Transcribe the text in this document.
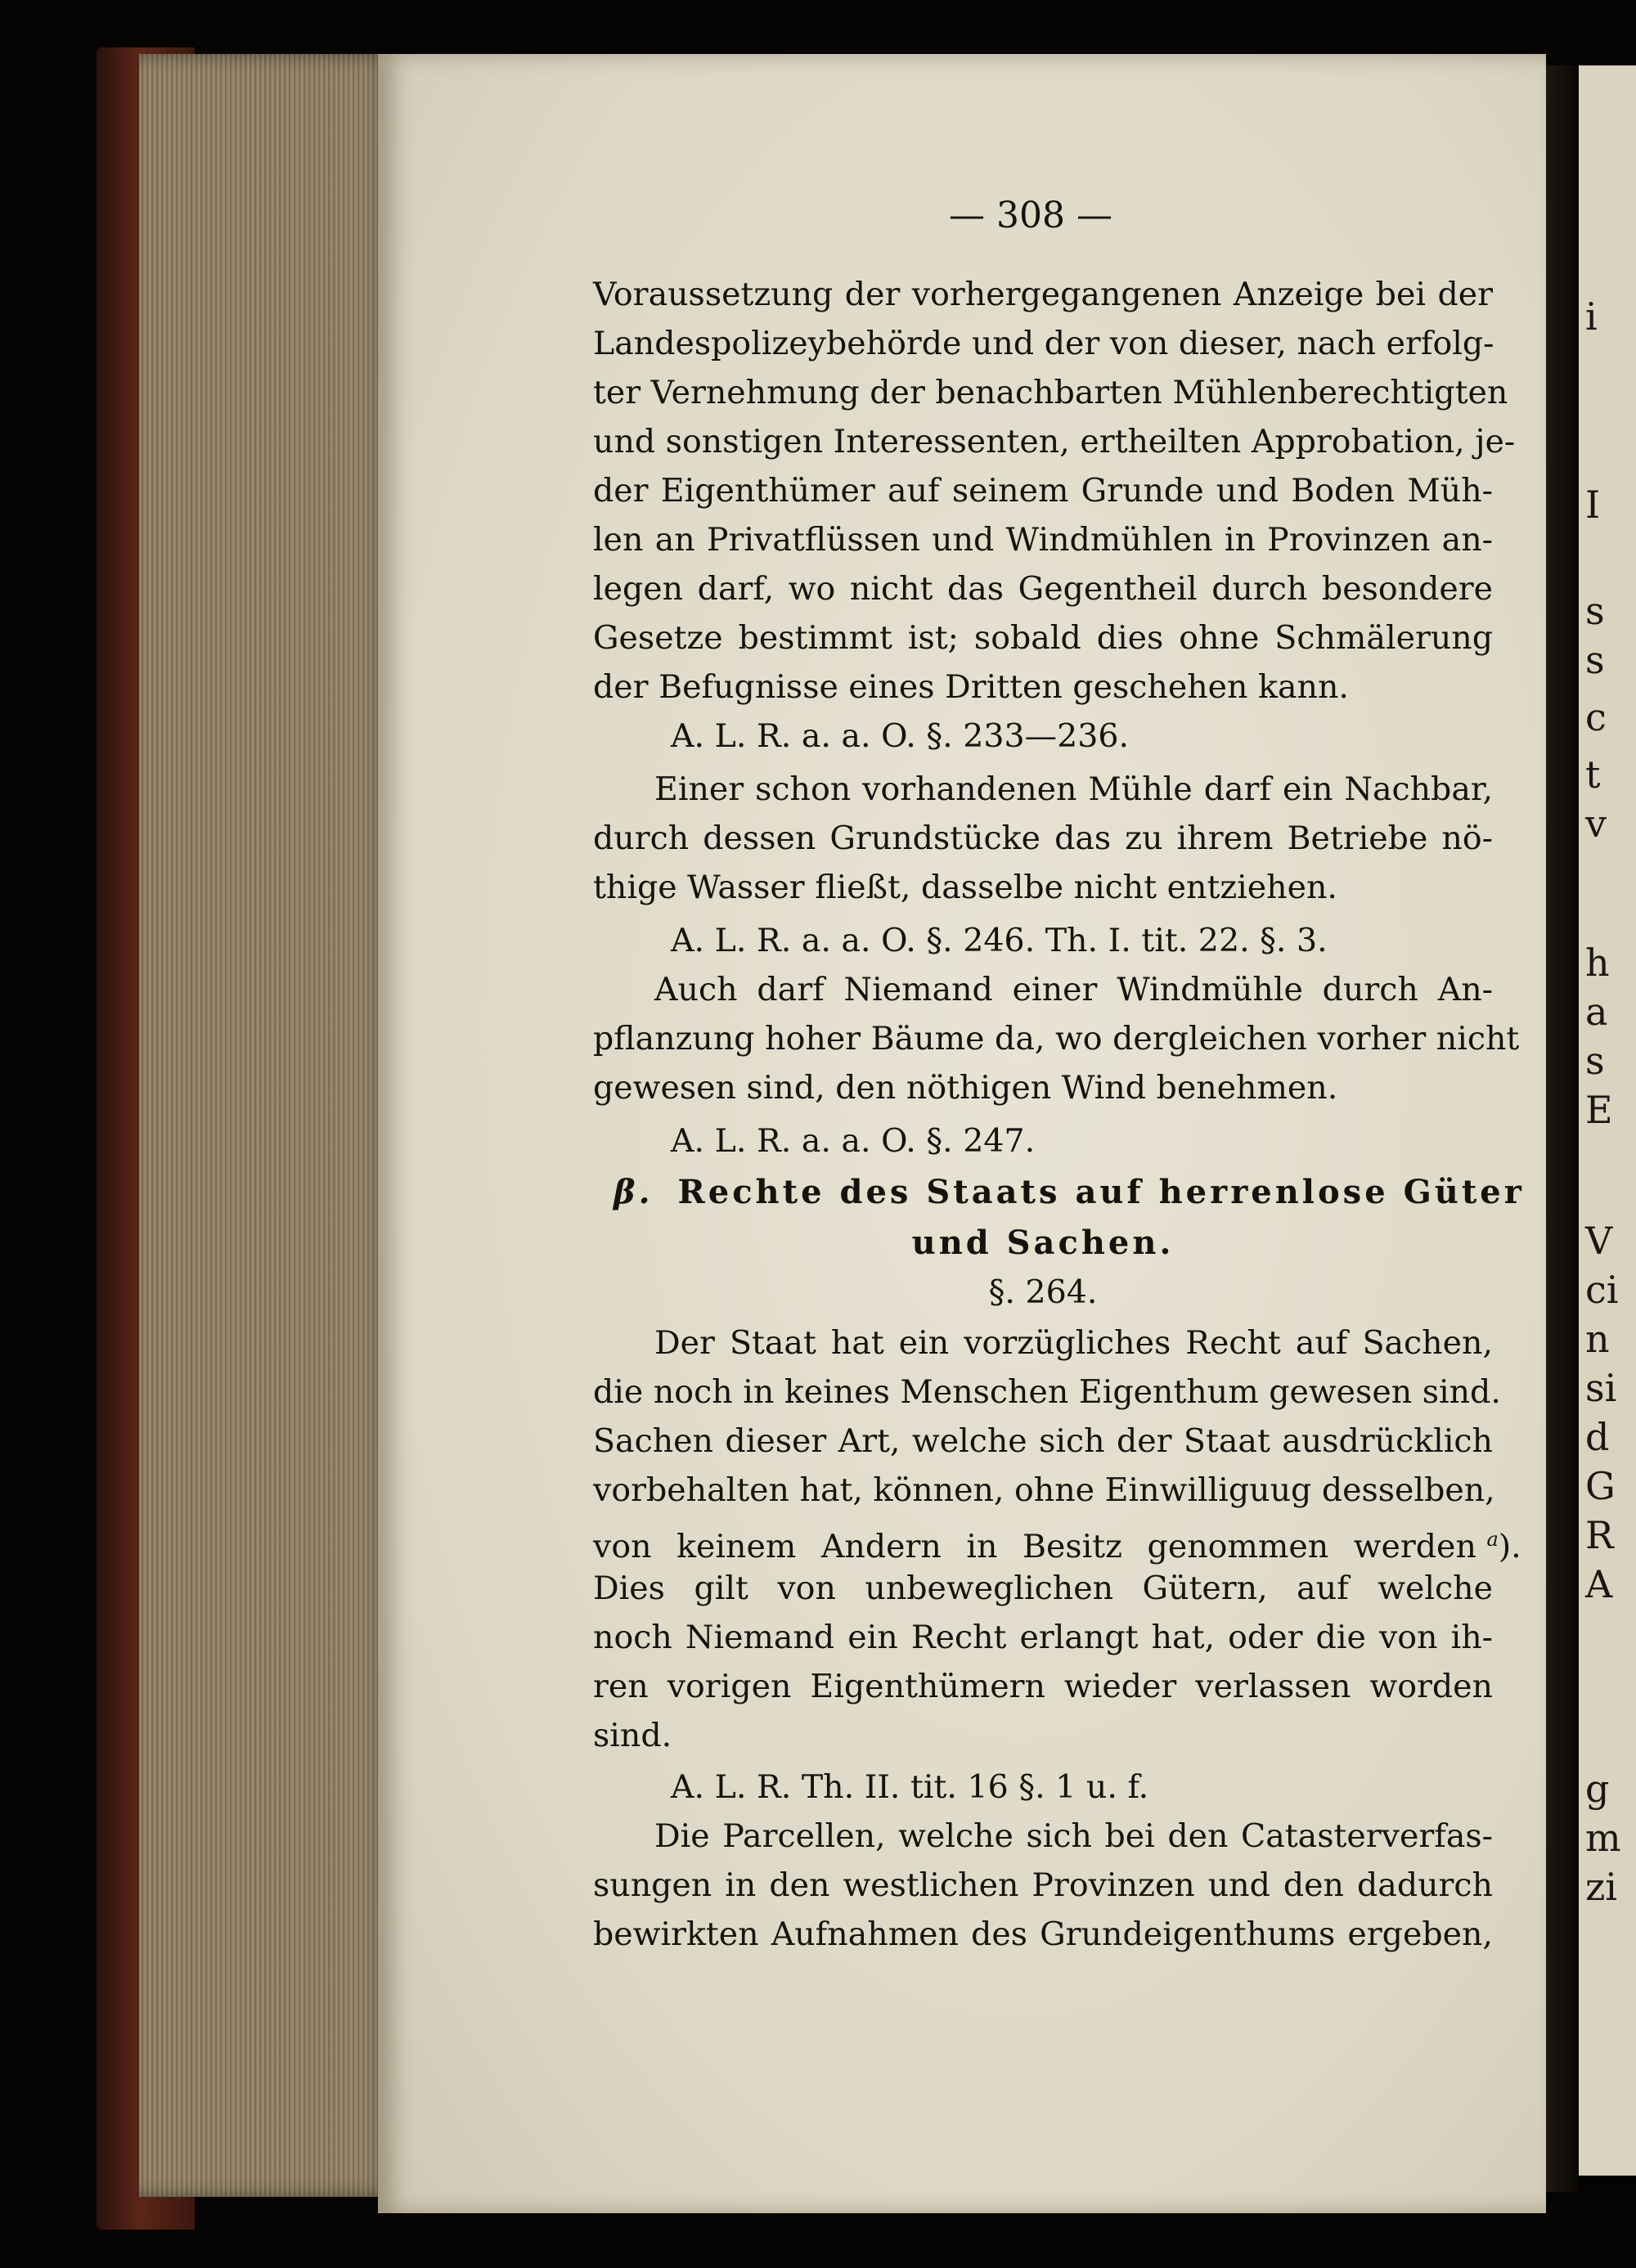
i
I
s
s
c
t
v
h
a
s
E
V
ci
n
si
d
G
R
A
g
m
zi
— 308 —
Voraussetzung der vorhergegangenen Anzeige bei der
Landespolizeybehörde und der von dieser, nach erfolg-
ter Vernehmung der benachbarten Mühlenberechtigten
und sonstigen Interessenten, ertheilten Approbation, je-
der Eigenthümer auf seinem Grunde und Boden Müh-
len an Privatflüssen und Windmühlen in Provinzen an-
legen darf, wo nicht das Gegentheil durch besondere
Gesetze bestimmt ist; sobald dies ohne Schmälerung
der Befugnisse eines Dritten geschehen kann.
A. L. R. a. a. O. §. 233—236.
Einer schon vorhandenen Mühle darf ein Nachbar,
durch dessen Grundstücke das zu ihrem Betriebe nö-
thige Wasser fließt, dasselbe nicht entziehen.
A. L. R. a. a. O. §. 246. Th. I. tit. 22. §. 3.
Auch darf Niemand einer Windmühle durch An-
pflanzung hoher Bäume da, wo dergleichen vorher nicht
gewesen sind, den nöthigen Wind benehmen.
A. L. R. a. a. O. §. 247.
β. Rechte des Staats auf herrenlose Güter
und Sachen.
§. 264.
Der Staat hat ein vorzügliches Recht auf Sachen,
die noch in keines Menschen Eigenthum gewesen sind.
Sachen dieser Art, welche sich der Staat ausdrücklich
vorbehalten hat, können, ohne Einwilliguug desselben,
von keinem Andern in Besitz genommen werden $^a$).
Dies gilt von unbeweglichen Gütern, auf welche
noch Niemand ein Recht erlangt hat, oder die von ih-
ren vorigen Eigenthümern wieder verlassen worden
sind.
A. L. R. Th. II. tit. 16 §. 1 u. f.
Die Parcellen, welche sich bei den Catasterverfas-
sungen in den westlichen Provinzen und den dadurch
bewirkten Aufnahmen des Grundeigenthums ergeben,
